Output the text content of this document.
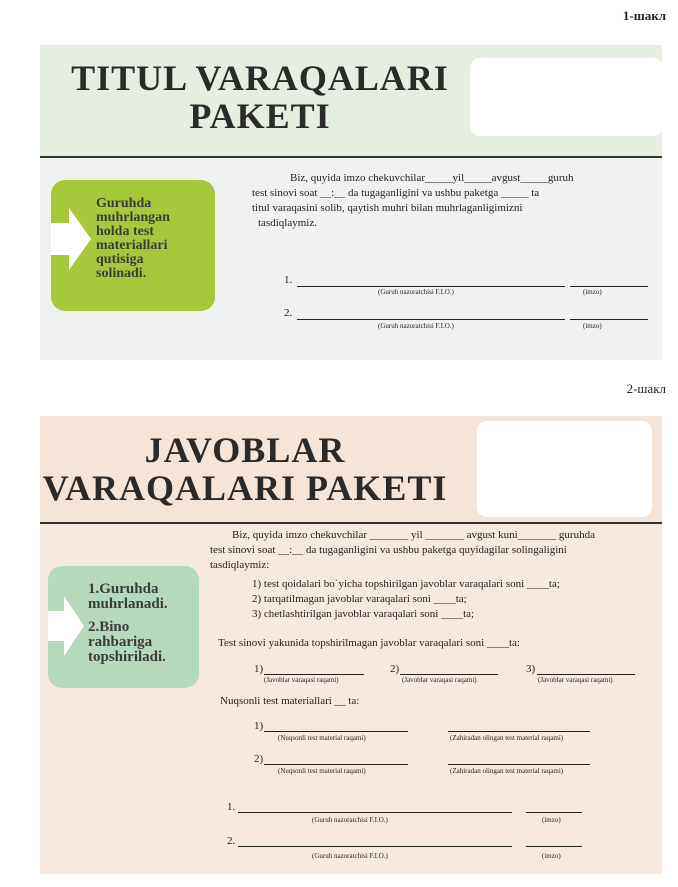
1-шакл
TITUL VARAQALARI
PAKETI
Guruhda
muhrlangan
holda test
materiallari
qutisiga
solinadi.
Biz, quyida imzo chekuvchilar_____yil_____avgust_____guruh
test sinovi soat __:__ da tugaganligini va ushbu paketga _____ ta
titul varaqasini solib, qaytish muhri bilan muhrlaganligimizni
tasdiqlaymiz.
1.
(Guruh nazoratchisi F.I.O.)	(imzo)
2.
(Guruh nazoratchisi F.I.O.)	(imzo)
2-шакл
JAVOBLAR
VARAQALARI PAKETI
1.Guruhda
muhrlanadi.
2.Bino
rahbariga
topshiriladi.
Biz, quyida imzo chekuvchilar _______ yil _______ avgust kuni_______ guruhda
test sinovi soat __:__ da tugaganligini va ushbu paketga quyidagilar solingaligini
tasdiqlaymiz:
1) test qoidalari bo`yicha topshirilgan javoblar varaqalari soni ____ta;
2) tarqatilmagan javoblar varaqalari soni ____ta;
3) chetlashtirilgan javoblar varaqalari soni ____ta;
Test sinovi yakunida topshirilmagan javoblar varaqalari soni ____ta:
1)
(Javoblar varaqasi raqami)
2)
(Javoblar varaqasi raqami)
3)
(Javoblar varaqasi raqami)
Nuqsonli test materiallari __ ta:
1)
(Nuqsonli test material raqami)	(Zahiradan olingan test material raqami)
2)
(Nuqsonli test material raqami)	(Zahiradan olingan test material raqami)
1.
(Guruh nazoratchisi F.I.O.)	(imzo)
2.
(Guruh nazoratchisi F.I.O.)	(imzo)
